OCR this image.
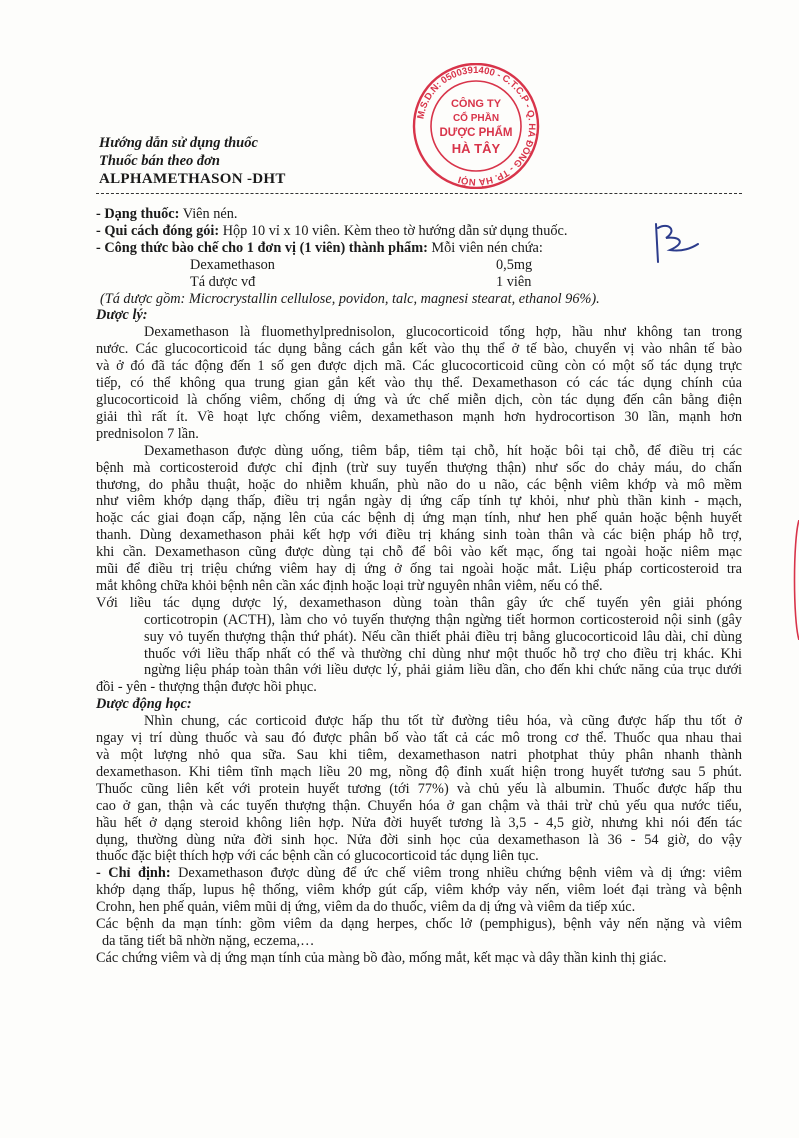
Hướng dẫn sử dụng thuốc
Thuốc bán theo đơn
ALPHAMETHASON -DHT
M.S.D.N: 0500391400 - C.T.C.P - Q. HÀ ĐÔNG - TP. HÀ NỘI
CÔNG TY
CỔ PHẦN
DƯỢC PHẨM
HÀ TÂY
- Dạng thuốc: Viên nén.
- Qui cách đóng gói: Hộp 10 vỉ x 10 viên. Kèm theo tờ hướng dẫn sử dụng thuốc.
- Công thức bào chế cho 1 đơn vị (1 viên) thành phẩm: Mỗi viên nén chứa:
Dexamethason	0,5mg
Tá dược vđ	1 viên
(Tá dược gồm: Microcrystallin cellulose, povidon, talc, magnesi stearat, ethanol 96%).
Dược lý:
Dexamethason là fluomethylprednisolon, glucocorticoid tổng hợp, hầu như không tan trong
nước. Các glucocorticoid tác dụng bằng cách gắn kết vào thụ thể ở tế bào, chuyển vị vào nhân tế bào
và ở đó đã tác động đến 1 số gen được dịch mã. Các glucocorticoid cũng còn có một số tác dụng trực
tiếp, có thể không qua trung gian gắn kết vào thụ thể. Dexamethason có các tác dụng chính của
glucocorticoid là chống viêm, chống dị ứng và ức chế miễn dịch, còn tác dụng đến cân bằng điện
giải thì rất ít. Về hoạt lực chống viêm, dexamethason mạnh hơn hydrocortison 30 lần, mạnh hơn
prednisolon 7 lần.
Dexamethason được dùng uống, tiêm bắp, tiêm tại chỗ, hít hoặc bôi tại chỗ, để điều trị các
bệnh mà corticosteroid được chỉ định (trừ suy tuyến thượng thận) như sốc do chảy máu, do chấn
thương, do phẫu thuật, hoặc do nhiễm khuẩn, phù não do u não, các bệnh viêm khớp và mô mềm
như viêm khớp dạng thấp, điều trị ngắn ngày dị ứng cấp tính tự khỏi, như phù thần kinh - mạch,
hoặc các giai đoạn cấp, nặng lên của các bệnh dị ứng mạn tính, như hen phế quản hoặc bệnh huyết
thanh. Dùng dexamethason phải kết hợp với điều trị kháng sinh toàn thân và các biện pháp hỗ trợ,
khi cần. Dexamethason cũng được dùng tại chỗ để bôi vào kết mạc, ống tai ngoài hoặc niêm mạc
mũi để điều trị triệu chứng viêm hay dị ứng ở ống tai ngoài hoặc mắt. Liệu pháp corticosteroid tra
mắt không chữa khỏi bệnh nên cần xác định hoặc loại trừ nguyên nhân viêm, nếu có thể.
Với liều tác dụng dược lý, dexamethason dùng toàn thân gây ức chế tuyến yên giải phóng
corticotropin (ACTH), làm cho vỏ tuyến thượng thận ngừng tiết hormon corticosteroid nội sinh (gây
suy vỏ tuyến thượng thận thứ phát). Nếu cần thiết phải điều trị bằng glucocorticoid lâu dài, chỉ dùng
thuốc với liều thấp nhất có thể và thường chỉ dùng như một thuốc hỗ trợ cho điều trị khác. Khi
ngừng liệu pháp toàn thân với liều dược lý, phải giảm liều dần, cho đến khi chức năng của trục dưới
đồi - yên - thượng thận được hồi phục.
Dược động học:
Nhìn chung, các corticoid được hấp thu tốt từ đường tiêu hóa, và cũng được hấp thu tốt ở
ngay vị trí dùng thuốc và sau đó được phân bố vào tất cả các mô trong cơ thể. Thuốc qua nhau thai
và một lượng nhỏ qua sữa. Sau khi tiêm, dexamethason natri photphat thủy phân nhanh thành
dexamethason. Khi tiêm tĩnh mạch liều 20 mg, nồng độ đỉnh xuất hiện trong huyết tương sau 5 phút.
Thuốc cũng liên kết với protein huyết tương (tới 77%) và chủ yếu là albumin. Thuốc được hấp thu
cao ở gan, thận và các tuyến thượng thận. Chuyển hóa ở gan chậm và thải trừ chủ yếu qua nước tiểu,
hầu hết ở dạng steroid không liên hợp. Nửa đời huyết tương là 3,5 - 4,5 giờ, nhưng khi nói đến tác
dụng, thường dùng nửa đời sinh học. Nửa đời sinh học của dexamethason là 36 - 54 giờ, do vậy
thuốc đặc biệt thích hợp với các bệnh cần có glucocorticoid tác dụng liên tục.
- Chỉ định: Dexamethason được dùng để ức chế viêm trong nhiều chứng bệnh viêm và dị ứng: viêm
khớp dạng thấp, lupus hệ thống, viêm khớp gút cấp, viêm khớp vảy nến, viêm loét đại tràng và bệnh
Crohn, hen phế quản, viêm mũi dị ứng, viêm da do thuốc, viêm da dị ứng và viêm da tiếp xúc.
Các bệnh da mạn tính: gồm viêm da dạng herpes, chốc lở (pemphigus), bệnh vảy nến nặng và viêm
da tăng tiết bã nhờn nặng, eczema,…
Các chứng viêm và dị ứng mạn tính của màng bồ đào, mống mắt, kết mạc và dây thần kinh thị giác.
